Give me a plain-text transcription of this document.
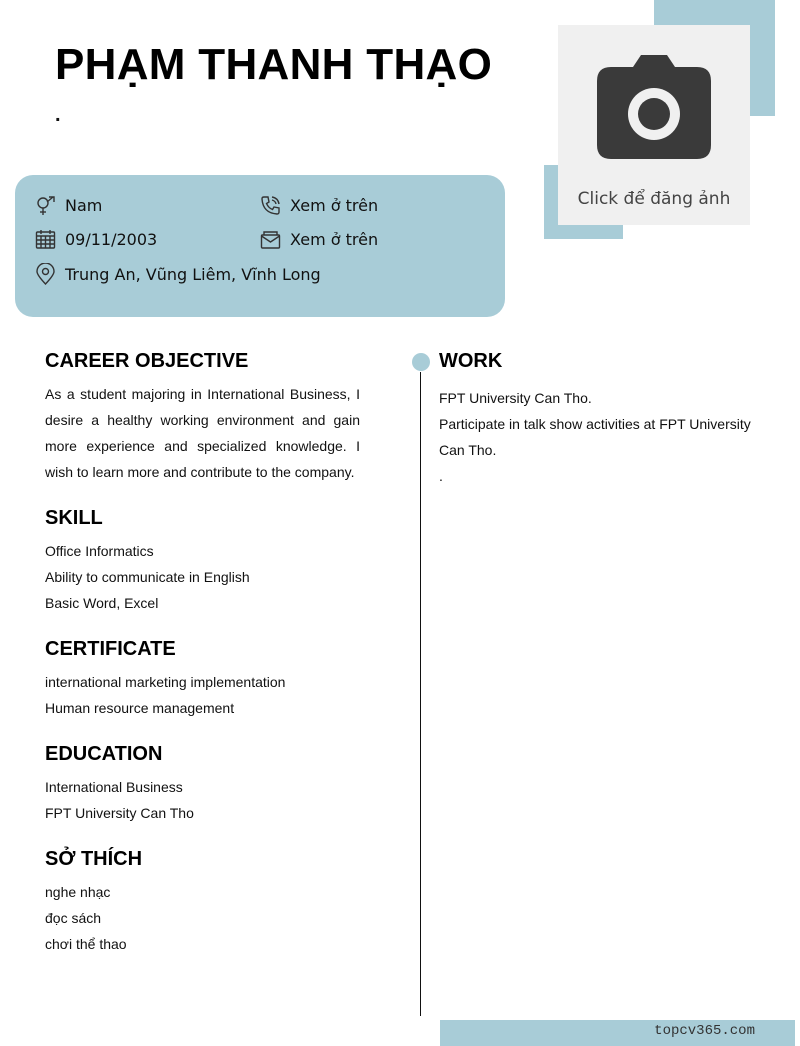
PHẠM THANH THẠO
.
Click để đăng ảnh
Nam	Xem ở trên
09/11/2003	Xem ở trên
Trung An, Vũng Liêm, Vĩnh Long
CAREER OBJECTIVE
As a student majoring in International Business, I desire a healthy working environment and gain more experience and specialized knowledge. I wish to learn more and contribute to the company.
SKILL
Office Informatics
Ability to communicate in English
Basic Word, Excel
CERTIFICATE
international marketing implementation
Human resource management
EDUCATION
International Business
FPT University Can Tho
SỞ THÍCH
nghe nhạc
đọc sách
chơi thể thao
WORK
FPT University Can Tho.
Participate in talk show activities at FPT University Can Tho.
.
topcv365.com
